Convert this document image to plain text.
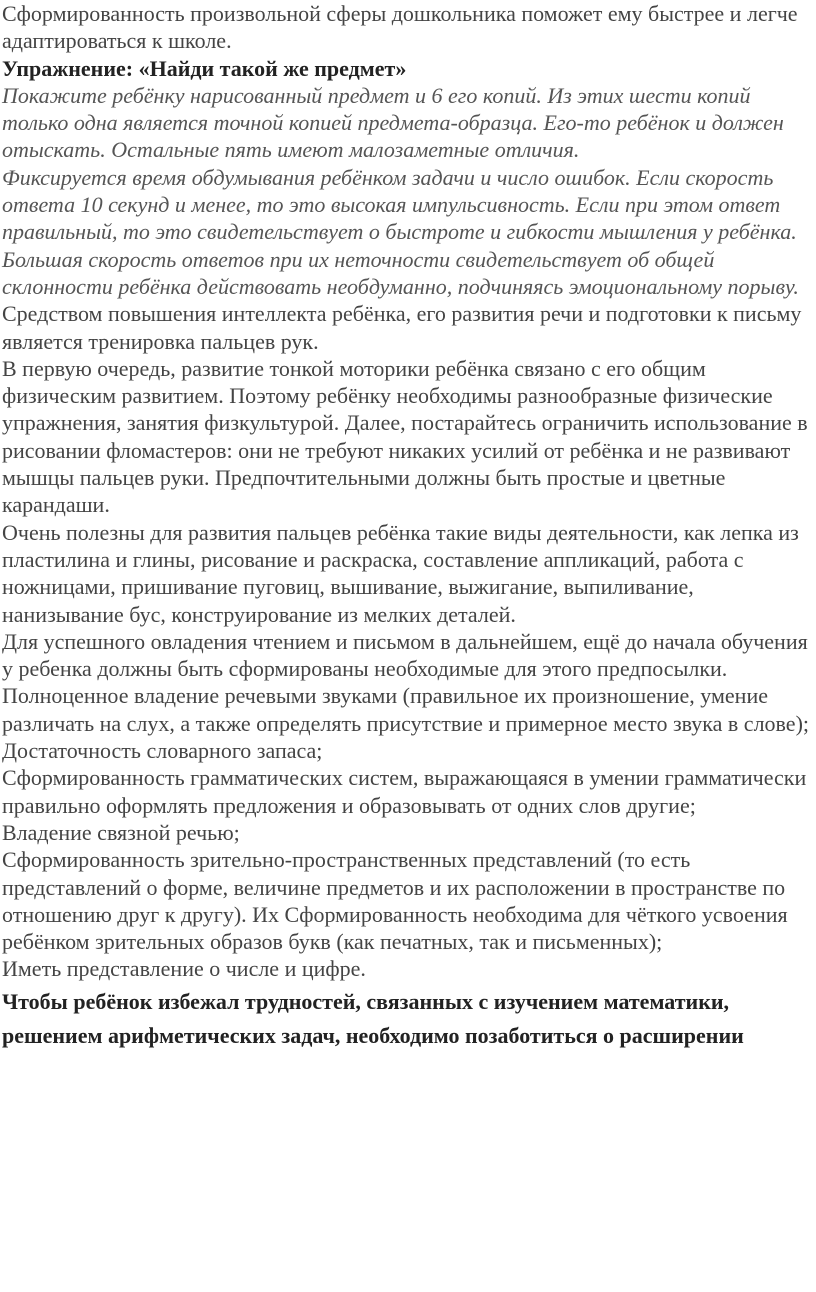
Сформированность произвольной сферы дошкольника поможет ему быстрее и легче адаптироваться к школе.

Упражнение: «Найди такой же предмет»

Покажите ребёнку нарисованный предмет и 6 его копий. Из этих шести копий только одна является точной копией предмета-образца. Его-то ребёнок и должен отыскать. Остальные пять имеют малозаметные отличия.

Фиксируется время обдумывания ребёнком задачи и число ошибок. Если скорость ответа 10 секунд и менее, то это высокая импульсивность. Если при этом ответ правильный, то это свидетельствует о быстроте и гибкости мышления у ребёнка. Большая скорость ответов при их неточности свидетельствует об общей склонности ребёнка действовать необдуманно, подчиняясь эмоциональному порыву.

Средством повышения интеллекта ребёнка, его развития речи и подготовки к письму является тренировка пальцев рук.

В первую очередь, развитие тонкой моторики ребёнка связано с его общим физическим развитием. Поэтому ребёнку необходимы разнообразные физические упражнения, занятия физкультурой. Далее, постарайтесь ограничить использование в рисовании фломастеров: они не требуют никаких усилий от ребёнка и не развивают мышцы пальцев руки. Предпочтительными должны быть простые и цветные карандаши.

Очень полезны для развития пальцев ребёнка такие виды деятельности, как лепка из пластилина и глины, рисование и раскраска, составление аппликаций, работа с ножницами, пришивание пуговиц, вышивание, выжигание, выпиливание, нанизывание бус, конструирование из мелких деталей.

Для успешного овладения чтением и письмом в дальнейшем, ещё до начала обучения у ребенка должны быть сформированы необходимые для этого предпосылки.

Полноценное владение речевыми звуками (правильное их произношение, умение различать на слух, а также определять присутствие и примерное место звука в слове);

Достаточность словарного запаса;

Сформированность грамматических систем, выражающаяся в умении грамматически правильно оформлять предложения и образовывать от одних слов другие;

Владение связной речью;

Сформированность зрительно-пространственных представлений (то есть представлений о форме, величине предметов и их расположении в пространстве по отношению друг к другу). Их Сформированность необходима для чёткого усвоения ребёнком зрительных образов букв (как печатных, так и письменных);

Иметь представление о числе и цифре.

Чтобы ребёнок избежал трудностей, связанных с изучением математики, решением арифметических задач, необходимо позаботиться о расширении
